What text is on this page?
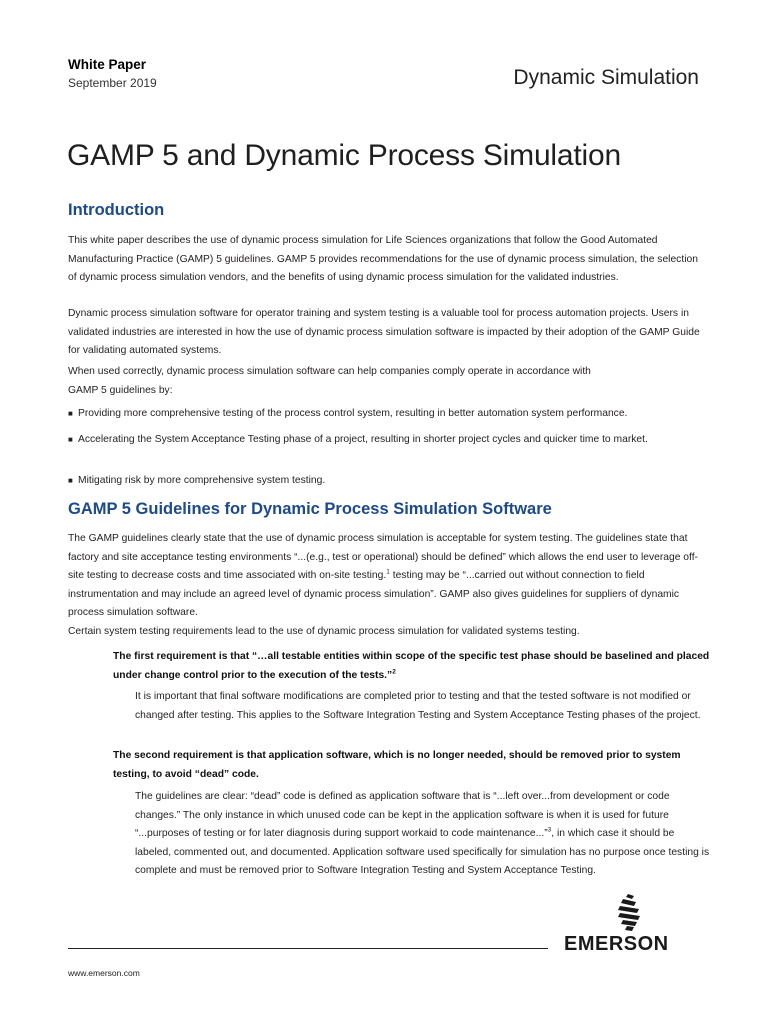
White Paper
September 2019	Dynamic Simulation
GAMP 5 and Dynamic Process Simulation
Introduction

This white paper describes the use of dynamic process simulation for Life Sciences organizations that follow the Good Automated Manufacturing Practice (GAMP) 5 guidelines. GAMP 5 provides recommendations for the use of dynamic process simulation, the selection of dynamic process simulation vendors, and the benefits of using dynamic process simulation for the validated industries.

Dynamic process simulation software for operator training and system testing is a valuable tool for process automation projects. Users in validated industries are interested in how the use of dynamic process simulation software is impacted by their adoption of the GAMP Guide for validating automated systems.

When used correctly, dynamic process simulation software can help companies comply operate in accordance with
GAMP 5 guidelines by:

■ Providing more comprehensive testing of the process control system, resulting in better automation system performance.
■ Accelerating the System Acceptance Testing phase of a project, resulting in shorter project cycles and quicker time to market.
■ Mitigating risk by more comprehensive system testing.
GAMP 5 Guidelines for Dynamic Process Simulation Software

The GAMP guidelines clearly state that the use of dynamic process simulation is acceptable for system testing. The guidelines state that factory and site acceptance testing environments “...(e.g., test or operational) should be defined” which allows the end user to leverage off-site testing to decrease costs and time associated with on-site testing.$^1$ testing may be “...carried out without connection to field instrumentation and may include an agreed level of dynamic process simulation”. GAMP also gives guidelines for suppliers of dynamic process simulation software.

Certain system testing requirements lead to the use of dynamic process simulation for validated systems testing.

The first requirement is that “…all testable entities within scope of the specific test phase should be baselined and placed under change control prior to the execution of the tests.”$^2$

It is important that final software modifications are completed prior to testing and that the tested software is not modified or changed after testing. This applies to the Software Integration Testing and System Acceptance Testing phases of the project.

The second requirement is that application software, which is no longer needed, should be removed prior to system testing, to avoid “dead” code.

The guidelines are clear: “dead” code is defined as application software that is “...left over...from development or code changes.” The only instance in which unused code can be kept in the application software is when it is used for future “...purposes of testing or for later diagnosis during support workaid to code maintenance...”$^3$, in which case it should be labeled, commented out, and documented. Application software used specifically for simulation has no purpose once testing is complete and must be removed prior to Software Integration Testing and System Acceptance Testing.

www.emerson.com
EMERSON
